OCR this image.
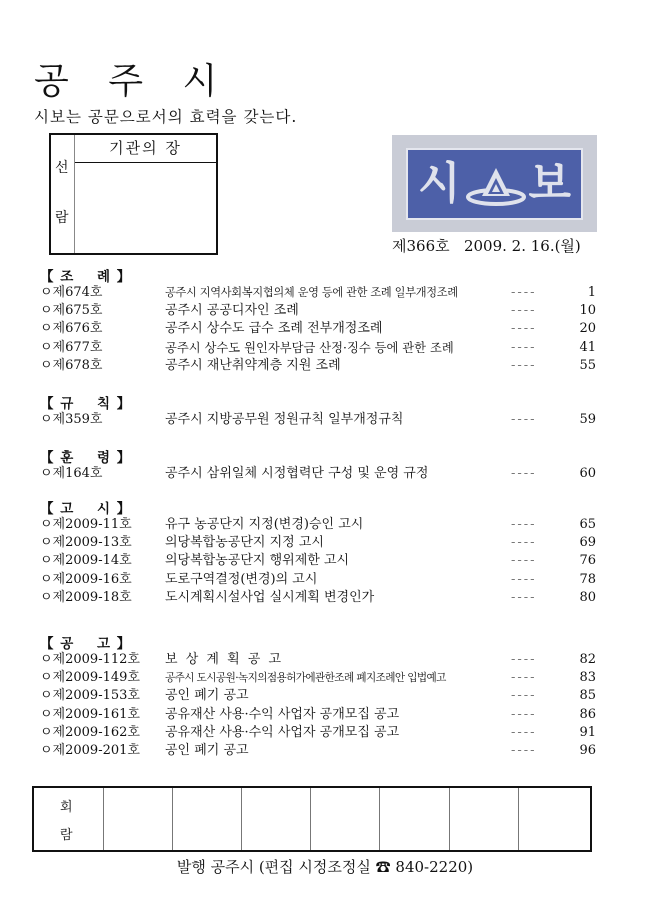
공 주 시
시보는 공문으로서의 효력을 갖는다.
선
람
기관의 장
시 보
제366호 2009. 2. 16.(월)
【 조    례 】
ㅇ제674호	공주시 지역사회복지협의체 운영 등에 관한 조례 일부개정조례	----	1
ㅇ제675호	공주시 공공디자인 조례	----	10
ㅇ제676호	공주시 상수도 급수 조례 전부개정조례	----	20
ㅇ제677호	공주시 상수도 원인자부담금 산정·징수 등에 관한 조례	----	41
ㅇ제678호	공주시 재난취약계층 지원 조례	----	55
【 규    칙 】
ㅇ제359호	공주시 지방공무원 정원규칙 일부개정규칙	----	59
【 훈    령 】
ㅇ제164호	공주시 삼위일체 시정협력단 구성 및 운영 규정	----	60
【 고    시 】
ㅇ제2009-11호	유구 농공단지 지정(변경)승인 고시	----	65
ㅇ제2009-13호	의당복합농공단지 지정 고시	----	69
ㅇ제2009-14호	의당복합농공단지 행위제한 고시	----	76
ㅇ제2009-16호	도로구역결정(변경)의 고시	----	78
ㅇ제2009-18호	도시계획시설사업 실시계획 변경인가	----	80
【 공    고 】
ㅇ제2009-112호 보 상 계 획 공 고	----	82
ㅇ제2009-149호 공주시 도시공원·녹지의점용허가에관한조례 폐지조례안 입법예고	----	83
ㅇ제2009-153호 공인 폐기 공고	----	85
ㅇ제2009-161호 공유재산 사용·수익 사업자 공개모집 공고	----	86
ㅇ제2009-162호 공유재산 사용·수익 사업자 공개모집 공고	----	91
ㅇ제2009-201호 공인 폐기 공고	----	96
회
람
발행 공주시 (편집 시정조정실 ☎ 840-2220)
